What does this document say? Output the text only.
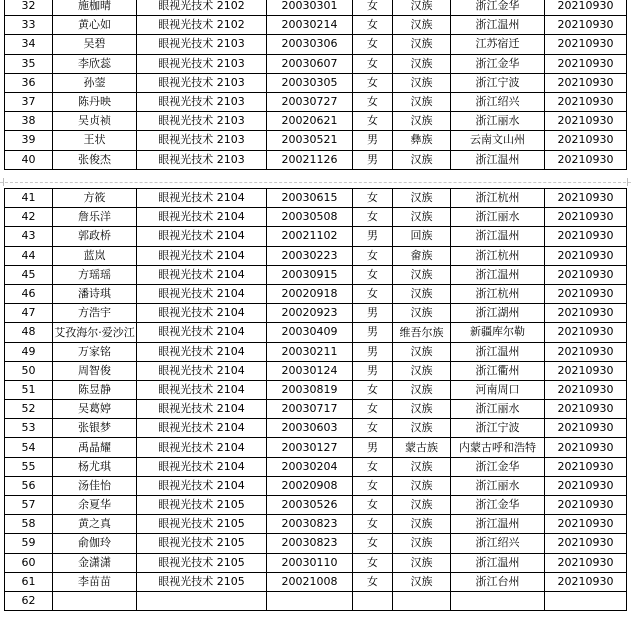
32	施枷晴	眼视光技术 2102	20030301	女	汉族	浙江金华	20210930
33	黄心如	眼视光技术 2102	20030214	女	汉族	浙江温州	20210930
34	吴碧	眼视光技术 2103	20030306	女	汉族	江苏宿迁	20210930
35	李欣蕊	眼视光技术 2103	20030607	女	汉族	浙江金华	20210930
36	孙蓥	眼视光技术 2103	20030305	女	汉族	浙江宁波	20210930
37	陈丹映	眼视光技术 2103	20030727	女	汉族	浙江绍兴	20210930
38	吴贞祯	眼视光技术 2103	20020621	女	汉族	浙江丽水	20210930
39	王状	眼视光技术 2103	20030521	男	彝族	云南文山州	20210930
40	张俊杰	眼视光技术 2103	20021126	男	汉族	浙江温州	20210930
41	方筱	眼视光技术 2104	20030615	女	汉族	浙江杭州	20210930
42	詹乐洋	眼视光技术 2104	20030508	女	汉族	浙江丽水	20210930
43	郭政桥	眼视光技术 2104	20021102	男	回族	浙江温州	20210930
44	蓝岚	眼视光技术 2104	20030223	女	畲族	浙江杭州	20210930
45	方瑶瑶	眼视光技术 2104	20030915	女	汉族	浙江温州	20210930
46	潘诗琪	眼视光技术 2104	20020918	女	汉族	浙江杭州	20210930
47	方浩宇	眼视光技术 2104	20020923	男	汉族	浙江湖州	20210930
48	艾孜海尔·爱沙江	眼视光技术 2104	20030409	男	维吾尔族	新疆库尔勒	20210930
49	万家铭	眼视光技术 2104	20030211	男	汉族	浙江温州	20210930
50	周智俊	眼视光技术 2104	20030124	男	汉族	浙江衢州	20210930
51	陈昱静	眼视光技术 2104	20030819	女	汉族	河南周口	20210930
52	吴葛婷	眼视光技术 2104	20030717	女	汉族	浙江丽水	20210930
53	张银梦	眼视光技术 2104	20030603	女	汉族	浙江宁波	20210930
54	禹晶耀	眼视光技术 2104	20030127	男	蒙古族	内蒙古呼和浩特	20210930
55	杨尤琪	眼视光技术 2104	20030204	女	汉族	浙江金华	20210930
56	汤佳怡	眼视光技术 2104	20020908	女	汉族	浙江丽水	20210930
57	余夏华	眼视光技术 2105	20030526	女	汉族	浙江金华	20210930
58	黄之真	眼视光技术 2105	20030823	女	汉族	浙江温州	20210930
59	俞伽玲	眼视光技术 2105	20030823	女	汉族	浙江绍兴	20210930
60	金潇潇	眼视光技术 2105	20030110	女	汉族	浙江温州	20210930
61	李苗苗	眼视光技术 2105	20021008	女	汉族	浙江台州	20210930
62							
